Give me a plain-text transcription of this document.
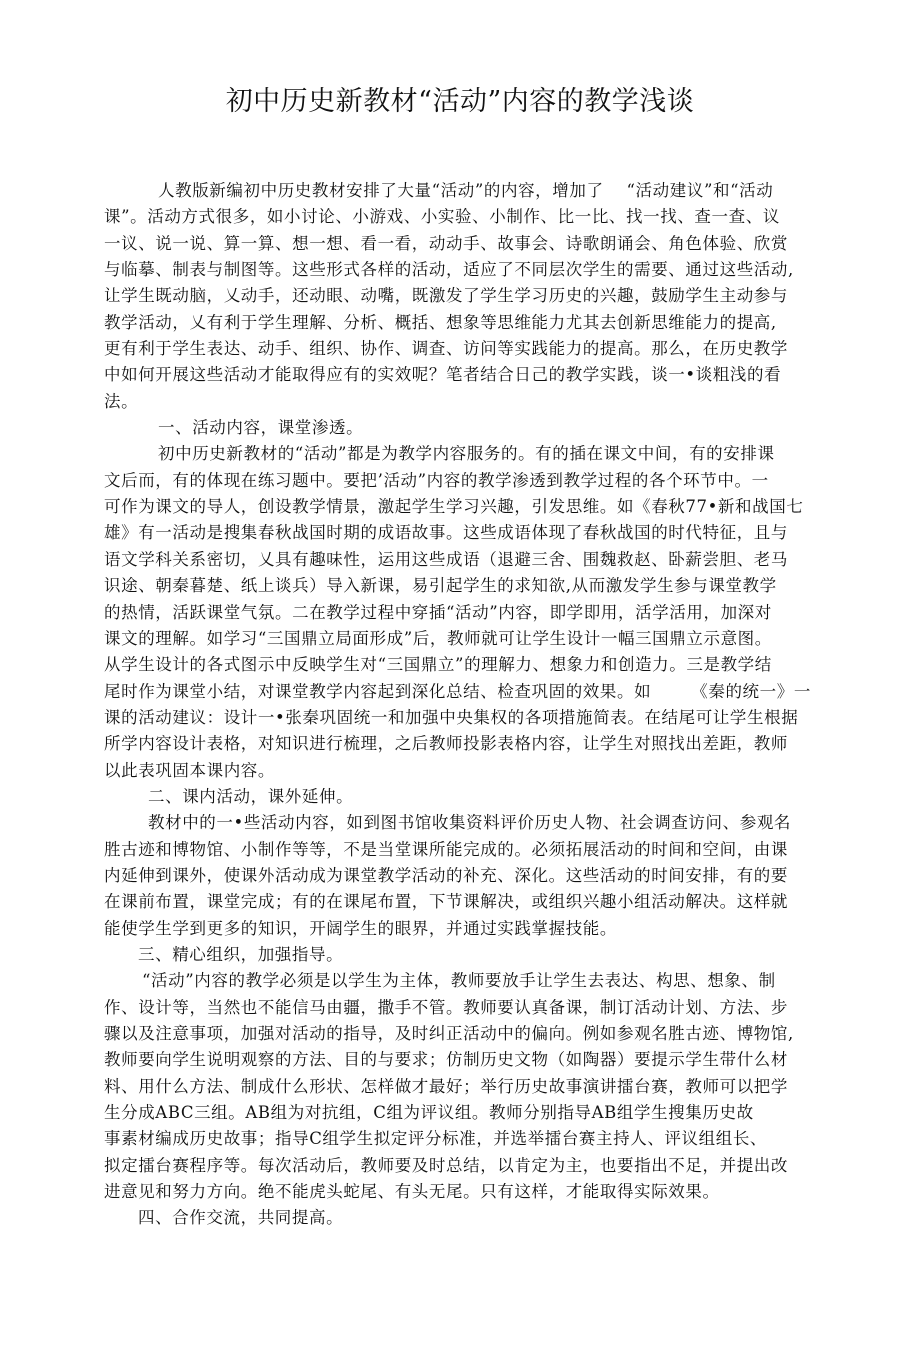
初中历史新教材“活动”内容的教学浅谈
人教版新编初中历史教材安排了大量“活动”的内容，增加了　 “活动建议”和“活动
课”。活动方式很多，如小讨论、小游戏、小实验、小制作、比一比、找一找、查一查、议
一议、说一说、算一算、想一想、看一看，动动手、故事会、诗歌朗诵会、角色体验、欣赏
与临摹、制表与制图等。这些形式各样的活动，适应了不同层次学生的需要、通过这些活动,
让学生既动脑，乂动手，还动眼、动嘴，既激发了学生学习历史的兴趣，鼓励学生主动参与
教学活动，乂有利于学生理解、分析、概括、想象等思维能力尤其去创新思维能力的提高,
更有利于学生表达、动手、组织、协作、调查、访问等实践能力的提高。那么，在历史教学
中如何开展这些活动才能取得应有的实效呢？笔者结合日己的教学实践，谈一•谈粗浅的看
法。
一、活动内容，课堂渗透。
初中历史新教材的“活动”都是为教学内容服务的。有的插在课文中间，有的安排课
文后而，有的体现在练习题中。要把’活动”内容的教学渗透到教学过程的各个环节中。一
可作为课文的导人，创设教学情景，激起学生学习兴趣，引发思维。如《春秋77•新和战国七
雄》有一活动是搜集春秋战国时期的成语故事。这些成语体现了春秋战国的时代特征，且与
语文学科关系密切，乂具有趣味性，运用这些成语（退避三舍、围魏救赵、卧薪尝胆、老马
识途、朝秦暮楚、纸上谈兵）导入新课，易引起学生的求知欲,从而激发学生参与课堂教学
的热情，活跃课堂气氛。二在教学过程中穿插“活动”内容，即学即用，活学活用，加深对
课文的理解。如学习“三国鼎立局面形成”后，教师就可让学生设计一幅三国鼎立示意图。
从学生设计的各式图示中反映学生对“三国鼎立”的理解力、想象力和创造力。三是教学结
尾时作为课堂小结，对课堂教学内容起到深化总结、检查巩固的效果。如　　 《秦的统一》一
课的活动建议：设计一•张秦巩固统一和加强中央集权的各项措施简表。在结尾可让学生根据
所学内容设计表格，对知识进行梳理，之后教师投影表格内容，让学生对照找出差距，教师
以此表巩固本课内容。
二、课内活动，课外延伸。
教材中的一•些活动内容，如到图书馆收集资料评价历史人物、社会调查访问、参观名
胜古迹和博物馆、小制作等等，不是当堂课所能完成的。必须拓展活动的时间和空间，由课
内延伸到课外，使课外活动成为课堂教学活动的补充、深化。这些活动的时间安排，有的要
在课前布置，课堂完成；有的在课尾布置，下节课解决，或组织兴趣小组活动解决。这样就
能使学生学到更多的知识，开阔学生的眼界，并通过实践掌握技能。
三、精心组织，加强指导。
“活动”内容的教学必须是以学生为主体，教师要放手让学生去表达、构思、想象、制
作、设计等，当然也不能信马由疆，撒手不管。教师要认真备课，制订活动计划、方法、步
骤以及注意事项，加强对活动的指导，及时纠正活动中的偏向。例如参观名胜古迹、博物馆,
教师要向学生说明观察的方法、目的与要求；仿制历史文物（如陶器）要提示学生带什么材
料、用什么方法、制成什么形状、怎样做才最好；举行历史故事演讲擂台赛，教师可以把学
生分成ABC三组。AB组为对抗组，C组为评议组。教师分别指导AB组学生搜集历史故
事素材编成历史故事；指导C组学生拟定评分标准，并选举擂台赛主持人、评议组组长、
拟定擂台赛程序等。每次活动后，教师要及时总结，以肯定为主，也要指出不足，并提出改
进意见和努力方向。绝不能虎头蛇尾、有头无尾。只有这样，才能取得实际效果。
四、合作交流，共同提高。
